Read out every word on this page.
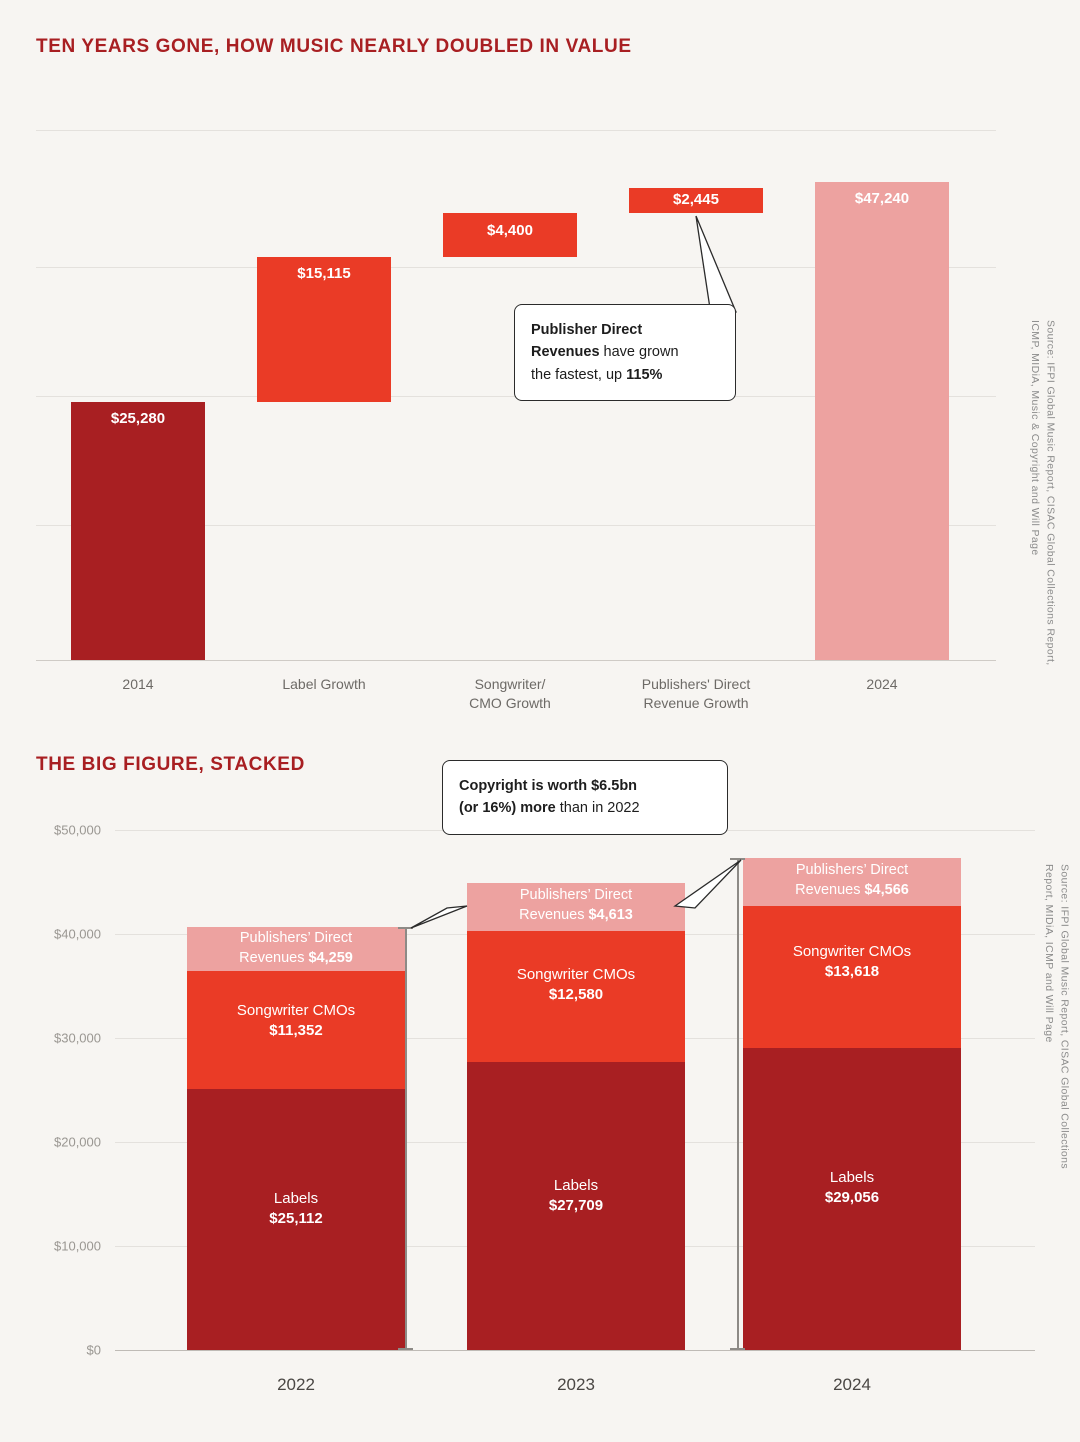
TEN YEARS GONE, HOW MUSIC NEARLY DOUBLED IN VALUE
$25,280
$15,115
$4,400
$2,445	$47,240
2014	Label Growth	Songwriter/
CMO Growth
Publishers' Direct
Revenue Growth
2024
Publisher Direct
Revenues have grown
the fastest, up 115%	Source: IFPI Global Music Report, CISAC Global Collections Report, ICMP, MIDiA, Music & Copyright and Will Page
THE BIG FIGURE, STACKED
$50,000
$40,000
$30,000
$20,000
$10,000
$0
Labels
$25,112
Songwriter CMOs
$11,352
Publishers’ Direct
Revenues $4,259
Labels
$27,709
Songwriter CMOs
$12,580
Publishers’ Direct
Revenues $4,613
Labels
$29,056
Songwriter CMOs
$13,618
Publishers’ Direct
Revenues $4,566
2022	2023	2024
Copyright is worth $6.5bn
(or 16%) more than in 2022
Source: IFPI Global Music Report, CISAC Global Collections Report, MIDiA, ICMP and Will Page
